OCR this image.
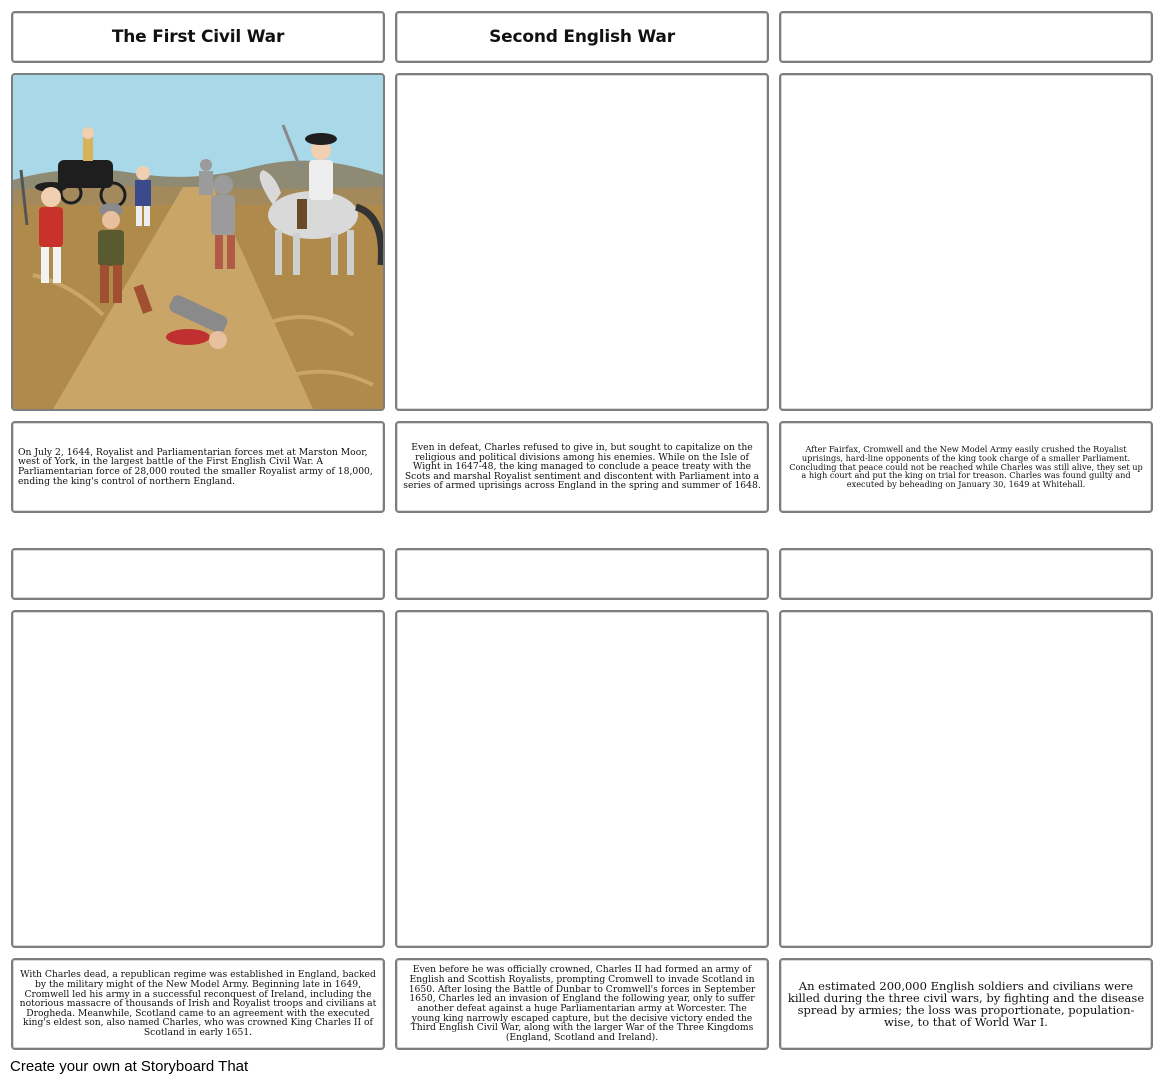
The First Civil War	Second English War
On July 2, 1644, Royalist and Parliamentarian forces met at Marston Moor, west of York, in the largest battle of the First English Civil War. A Parliamentarian force of 28,000 routed the smaller Royalist army of 18,000, ending the king's control of northern England.
Even in defeat, Charles refused to give in, but sought to capitalize on the religious and political divisions among his enemies. While on the Isle of Wight in 1647-48, the king managed to conclude a peace treaty with the Scots and marshal Royalist sentiment and discontent with Parliament into a series of armed uprisings across England in the spring and summer of 1648.
After Fairfax, Cromwell and the New Model Army easily crushed the Royalist uprisings, hard-line opponents of the king took charge of a smaller Parliament. Concluding that peace could not be reached while Charles was still alive, they set up a high court and put the king on trial for treason. Charles was found guilty and executed by beheading on January 30, 1649 at Whitehall.
With Charles dead, a republican regime was established in England, backed by the military might of the New Model Army. Beginning late in 1649, Cromwell led his army in a successful reconquest of Ireland, including the notorious massacre of thousands of Irish and Royalist troops and civilians at Drogheda. Meanwhile, Scotland came to an agreement with the executed king's eldest son, also named Charles, who was crowned King Charles II of Scotland in early 1651.
Even before he was officially crowned, Charles II had formed an army of English and Scottish Royalists, prompting Cromwell to invade Scotland in 1650. After losing the Battle of Dunbar to Cromwell's forces in September 1650, Charles led an invasion of England the following year, only to suffer another defeat against a huge Parliamentarian army at Worcester. The young king narrowly escaped capture, but the decisive victory ended the Third English Civil War, along with the larger War of the Three Kingdoms (England, Scotland and Ireland).
An estimated 200,000 English soldiers and civilians were killed during the three civil wars, by fighting and the disease spread by armies; the loss was proportionate, population-wise, to that of World War I.
Create your own at Storyboard That
